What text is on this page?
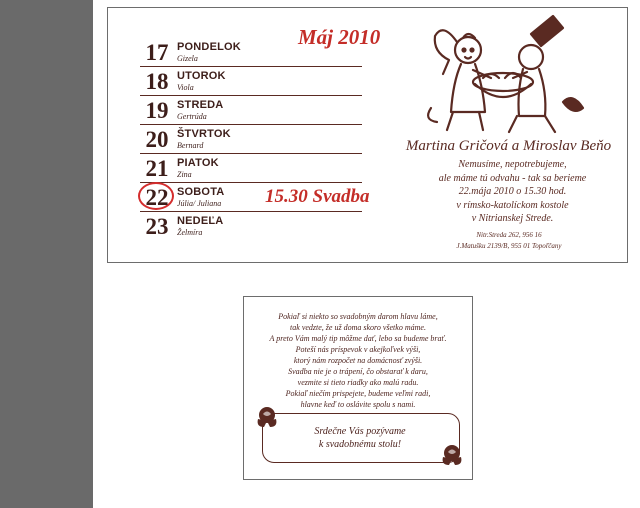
17 PONDELOK
Gizela
18 UTOROK
Viola
19 STREDA
Gertrúda
20 ŠTVRTOK
Bernard
21 PIATOK
Zina
22 SOBOTA
Júlia/ Juliana
23 NEDEĽA
Želmíra
Máj 2010
15.30 Svadba
Martina Gričová a Miroslav Beňo
Nemusíme, nepotrebujeme,
ale máme tú odvahu - tak sa berieme
22.mája 2010 o 15.30 hod.
v rímsko-katolíckom kostole
v Nitrianskej Strede.
Nitr.Streda 262, 956 16
J.Matušku 2139/B, 955 01 Topoľčany
Pokiaľ si niekto so svadobným darom hlavu láme,
tak vedzte, že už doma skoro všetko máme.
A preto Vám malý tip môžme dať, lebo sa budeme brať.
Poteší nás príspevok v akejkoľvek výši,
ktorý nám rozpočet na domácnosť zvýši.
Svadba nie je o trápení, čo obstarať k daru,
vezmite si tieto riadky ako malú radu.
Pokiaľ niečím prispejete, budeme veľmi radi,
hlavne keď to oslávite spolu s nami.
Srdečne Vás pozývame
k svadobnému stolu!
